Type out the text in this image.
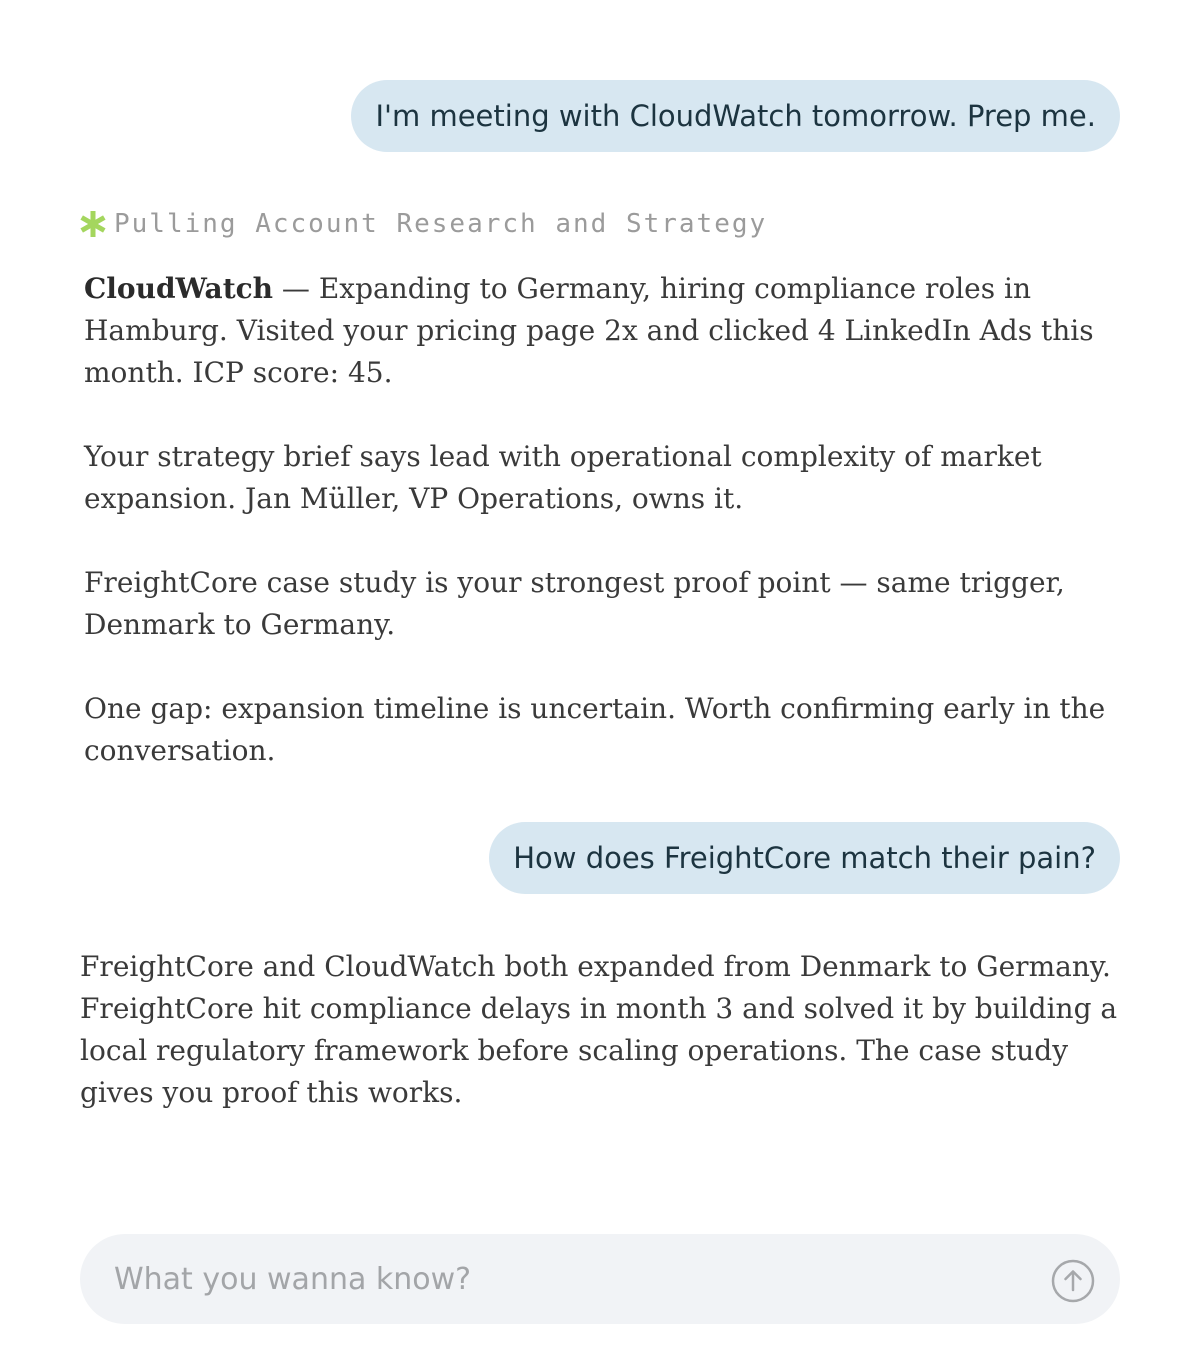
I'm meeting with CloudWatch tomorrow. Prep me.
Pulling Account Research and Strategy

CloudWatch — Expanding to Germany, hiring compliance roles in Hamburg. Visited your pricing page 2x and clicked 4 LinkedIn Ads this month. ICP score: 45.

Your strategy brief says lead with operational complexity of market expansion. Jan Müller, VP Operations, owns it.

FreightCore case study is your strongest proof point — same trigger, Denmark to Germany.

One gap: expansion timeline is uncertain. Worth confirming early in the conversation.

How does FreightCore match their pain?

FreightCore and CloudWatch both expanded from Denmark to Germany. FreightCore hit compliance delays in month 3 and solved it by building a local regulatory framework before scaling operations. The case study gives you proof this works.

What you wanna know?
